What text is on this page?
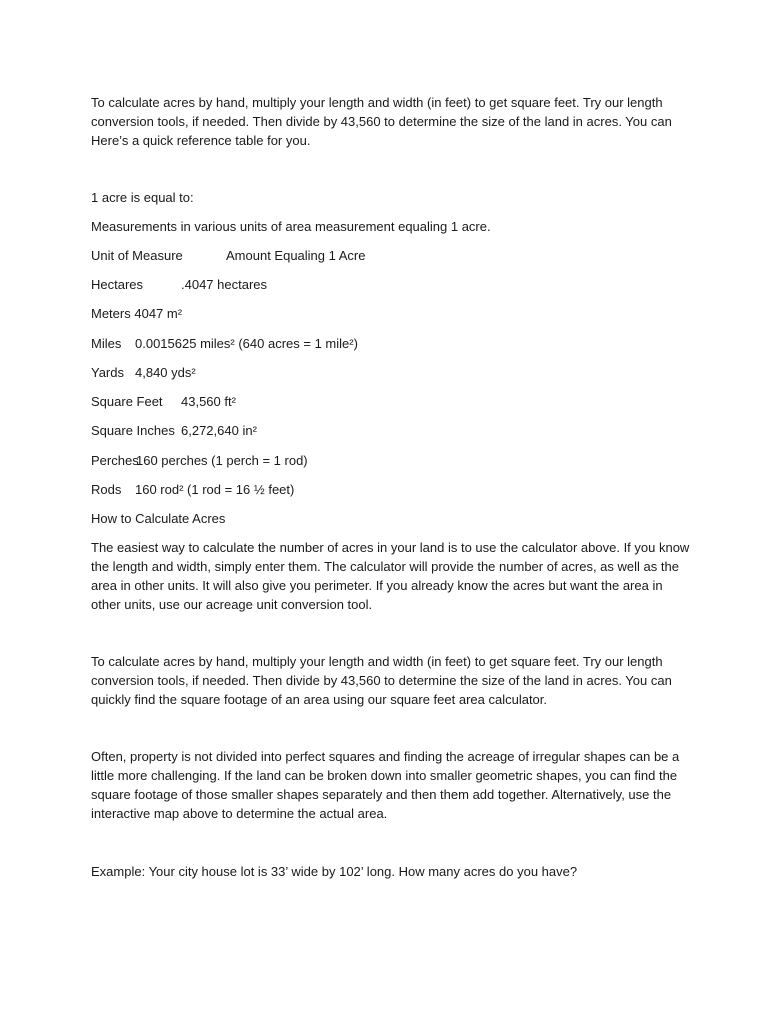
To calculate acres by hand, multiply your length and width (in feet) to get square feet. Try our length
conversion tools, if needed. Then divide by 43,560 to determine the size of the land in acres. You can
Here’s a quick reference table for you.
1 acre is equal to:
Measurements in various units of area measurement equaling 1 acre.
Unit of Measure	Amount Equaling 1 Acre
Hectares	.4047 hectares
Meters 4047 m²
Miles 0.0015625 miles² (640 acres = 1 mile²)
Yards 4,840 yds²
Square Feet 43,560 ft²
Square Inches 6,272,640 in²
Perches160 perches (1 perch = 1 rod)
Rods 160 rod² (1 rod = 16 ½ feet)
How to Calculate Acres
The easiest way to calculate the number of acres in your land is to use the calculator above. If you know
the length and width, simply enter them. The calculator will provide the number of acres, as well as the
area in other units. It will also give you perimeter. If you already know the acres but want the area in
other units, use our acreage unit conversion tool.
To calculate acres by hand, multiply your length and width (in feet) to get square feet. Try our length
conversion tools, if needed. Then divide by 43,560 to determine the size of the land in acres. You can
quickly find the square footage of an area using our square feet area calculator.
Often, property is not divided into perfect squares and finding the acreage of irregular shapes can be a
little more challenging. If the land can be broken down into smaller geometric shapes, you can find the
square footage of those smaller shapes separately and then them add together. Alternatively, use the
interactive map above to determine the actual area.
Example: Your city house lot is 33’ wide by 102’ long. How many acres do you have?
